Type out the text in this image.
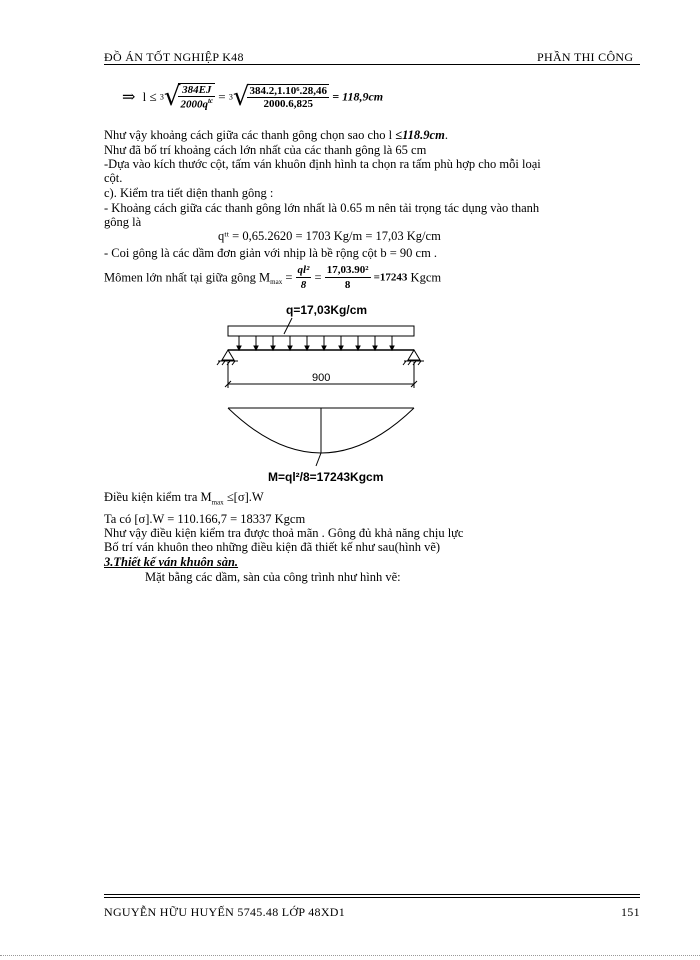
ĐỒ ÁN TỐT NGHIỆP K48	PHẦN THI CÔNG
⇒ l ≤ 3√
$\frac{384EJ}{2000q^{tc}} = 3√$
$\frac{\text{384.2,1.10⁶.28,46}}{2000.6,825} = 118,9cm$
Như vậy khoảng cách giữa các thanh gông chọn sao cho l ≤118.9cm.
Như đã bố trí khoảng cách lớn nhất của các thanh gông là 65 cm
-Dựa vào kích thước cột, tấm ván khuôn định hình ta chọn ra tấm phù hợp cho mỗi loại
cột.
c). Kiểm tra tiết diện thanh gông :
- Khoảng cách giữa các thanh gông lớn nhất là 0.65 m nên tải trọng tác dụng vào thanh
gông là
qᵗᵗ = 0,65.2620 = 1703 Kg/m = 17,03 Kg/cm
- Coi gông là các dầm đơn giản với nhịp là bề rộng cột b = 90 cm .
Mômen lớn nhất tại giữa gông $M_{max} = \frac{\text{ql²}}{8} = \frac{\text{17,03.90²}}{8} =17243$ Kgcm
q=17,03Kg/cm
900
M=ql²/8=17243Kgcm
Điều kiện kiểm tra $M_{max} \le[\sigma].W$
Ta có [σ].W = 110.166,7 = 18337 Kgcm
Như vậy điều kiện kiểm tra được thoả mãn . Gông đủ khả năng chịu lực
Bố trí ván khuôn theo những điều kiện đã thiết kế như sau(hình vẽ)
3.Thiết kế ván khuôn sàn.
Mặt bằng các dầm, sàn của công trình như hình vẽ:
NGUYỄN HỮU HUYẾN 5745.48 LỚP 48XD1	151
